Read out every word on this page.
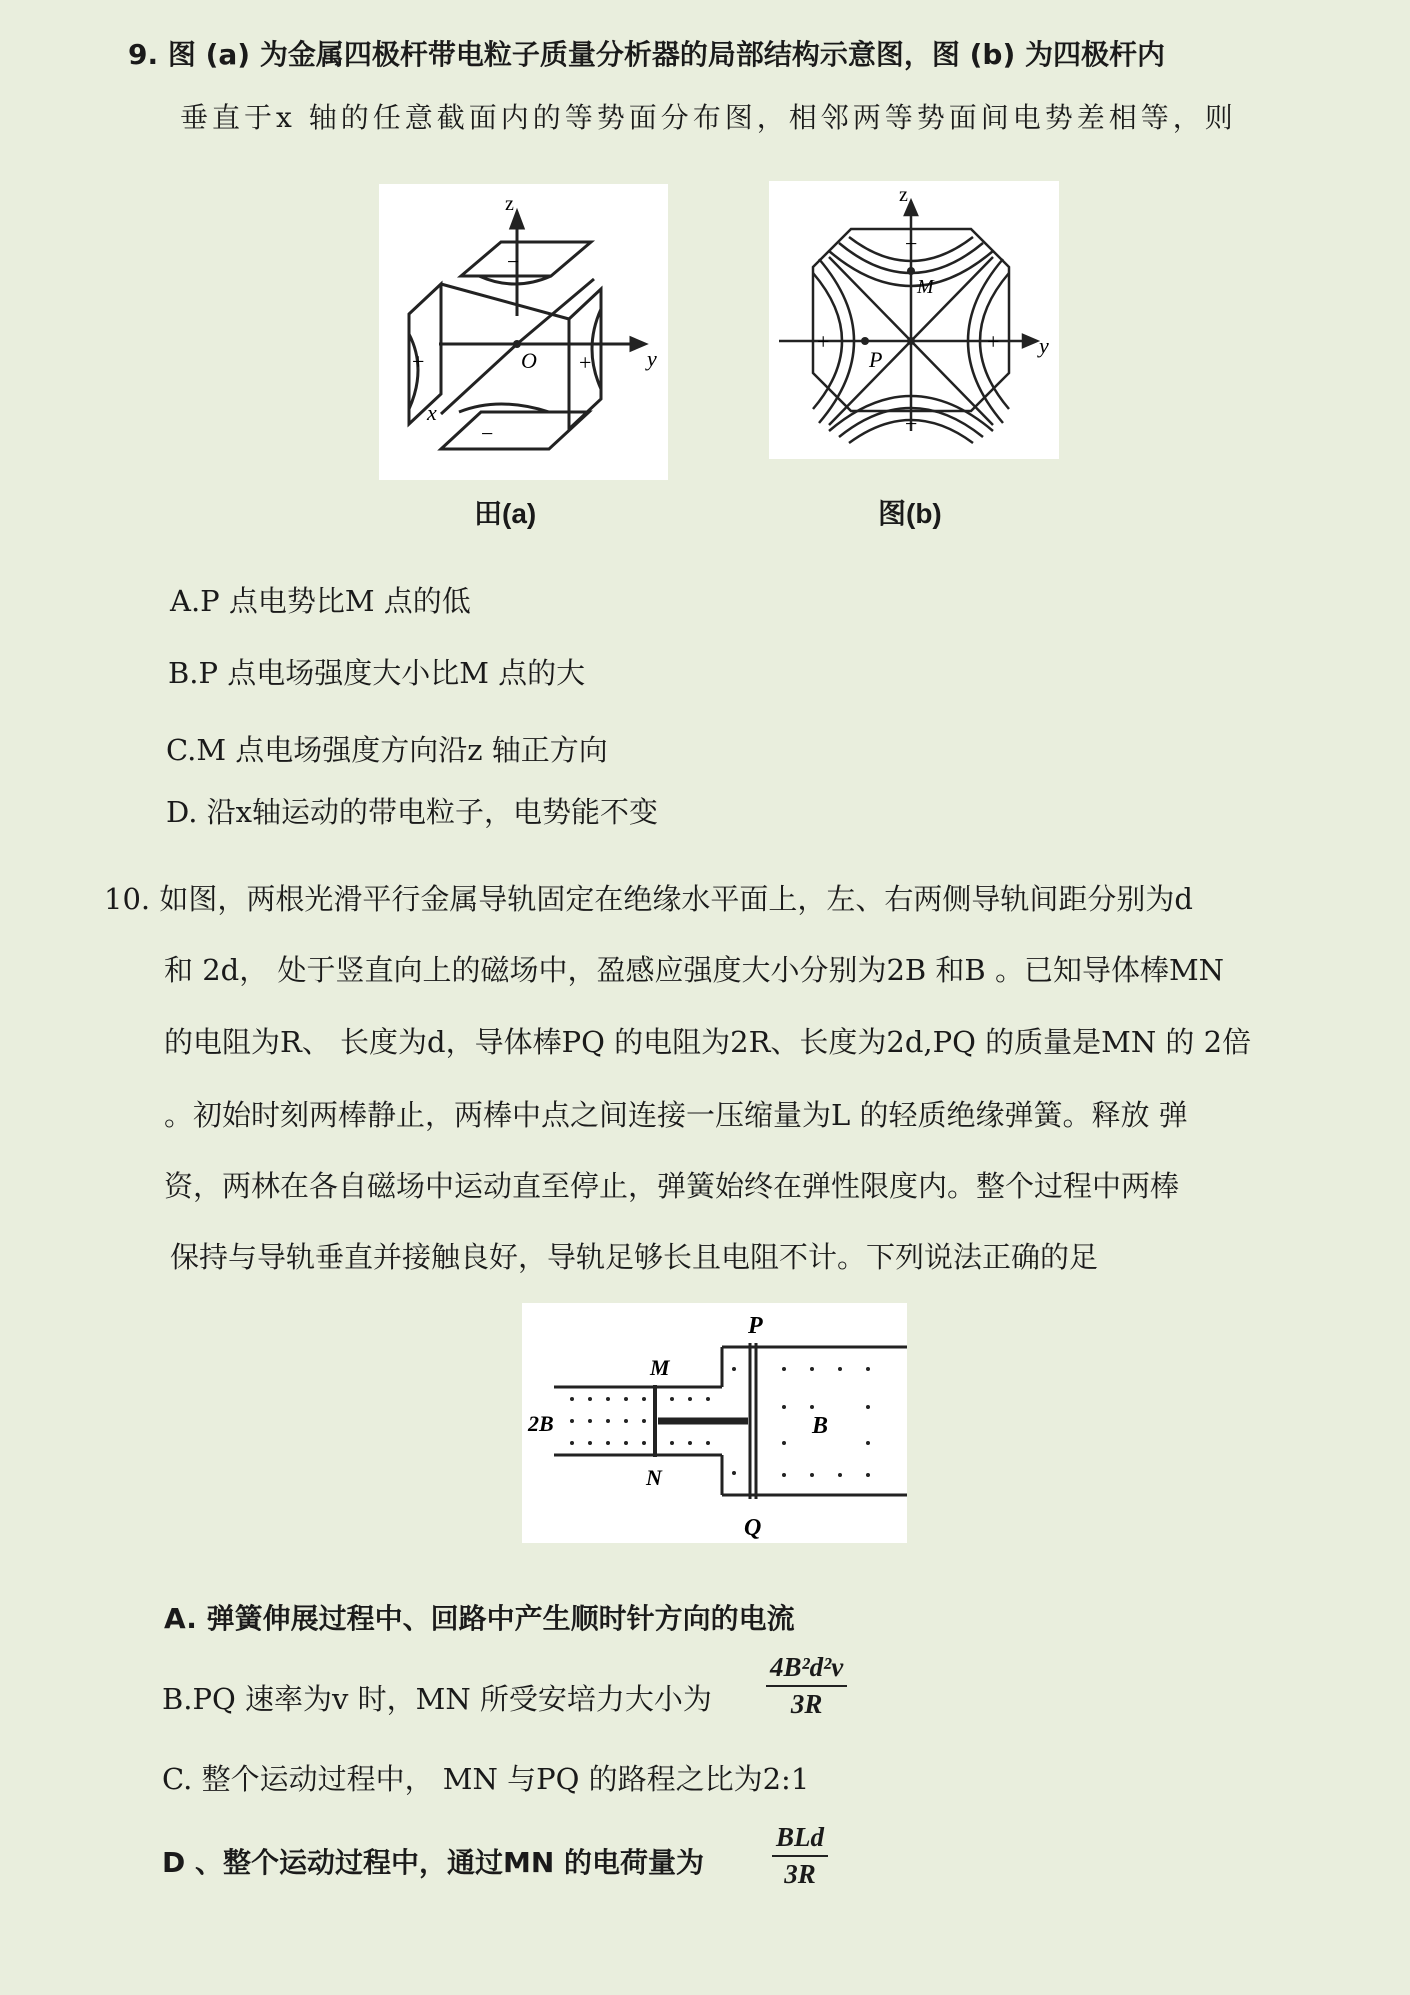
9. 图 (a) 为金属四极杆带电粒子质量分析器的局部结构示意图，图 (b) 为四极杆内
垂直于x 轴的任意截面内的等势面分布图，相邻两等势面间电势差相等，则
z
y
x
O
+	+
−
−
z
y
M
P
+	+
−
−
田(a)	图(b)
A.P 点电势比M 点的低
B.P 点电场强度大小比M 点的大
C.M 点电场强度方向沿z 轴正方向
D. 沿x轴运动的带电粒子，电势能不变
10. 如图，两根光滑平行金属导轨固定在绝缘水平面上，左、右两侧导轨间距分别为d
和 2d， 处于竖直向上的磁场中，盈感应强度大小分别为2B 和B 。已知导体棒MN
的电阻为R、 长度为d，导体棒PQ 的电阻为2R、长度为2d,PQ 的质量是MN 的 2倍
。初始时刻两棒静止，两棒中点之间连接一压缩量为L 的轻质绝缘弹簧。释放 弹
资，两林在各自磁场中运动直至停止，弹簧始终在弹性限度内。整个过程中两棒
保持与导轨垂直并接触良好，导轨足够长且电阻不计。下列说法正确的足
P
Q
M
N
2B	B
A. 弹簧伸展过程中、回路中产生顺时针方向的电流
B.PQ 速率为v 时，MN 所受安培力大小为 $\frac{\text{4B²d²v}}{3R}$
C. 整个运动过程中， MN 与PQ 的路程之比为2:1
D 、整个运动过程中，通过MN 的电荷量为
BLd
3R
